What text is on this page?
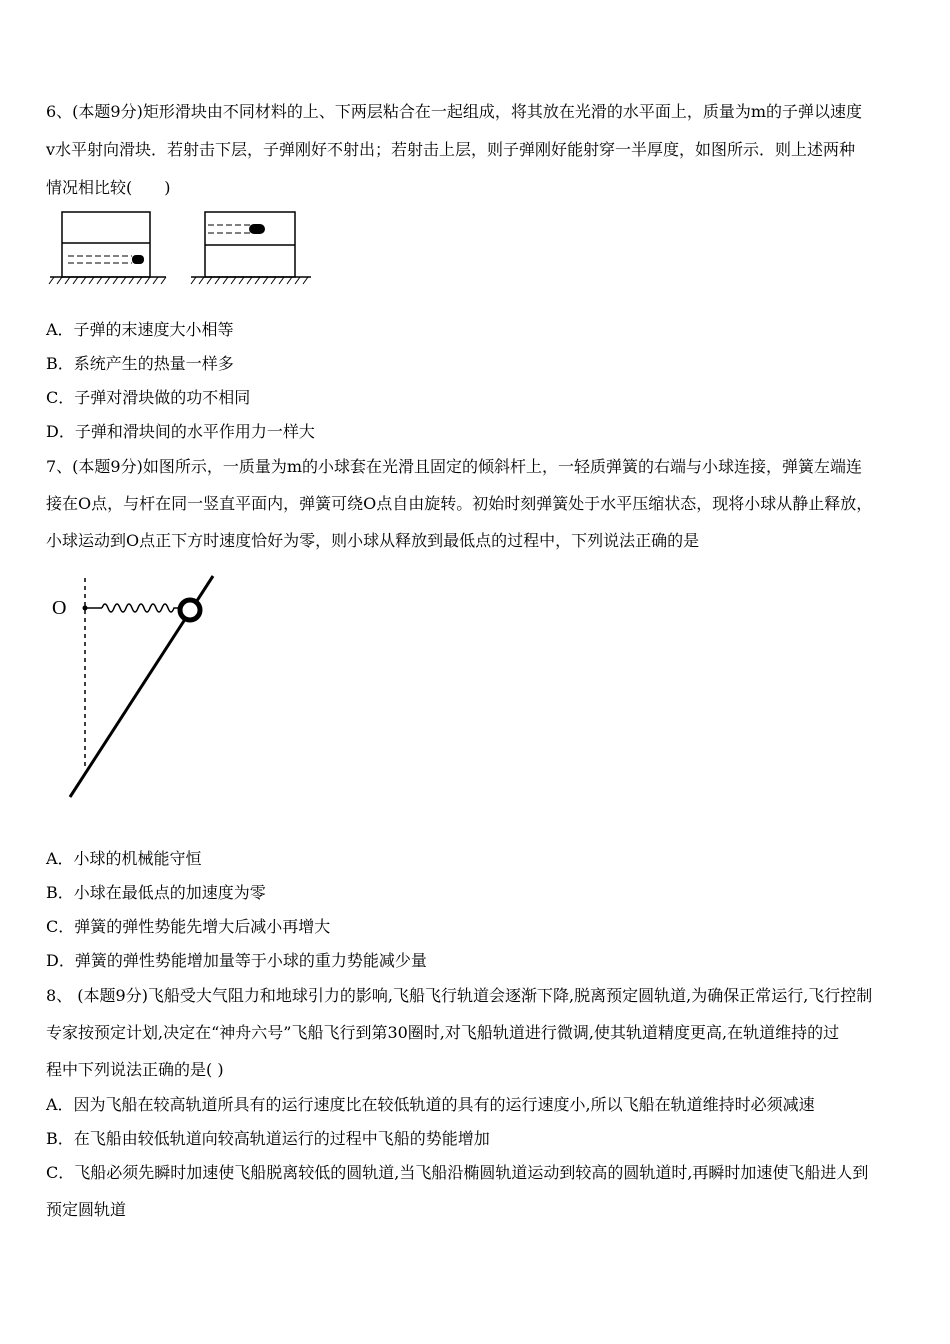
6、(本题9分)矩形滑块由不同材料的上、下两层粘合在一起组成，将其放在光滑的水平面上，质量为m的子弹以速度
v水平射向滑块．若射击下层，子弹刚好不射出；若射击上层，则子弹刚好能射穿一半厚度，如图所示．则上述两种
情况相比较(　　)
A．子弹的末速度大小相等
B．系统产生的热量一样多
C．子弹对滑块做的功不相同
D．子弹和滑块间的水平作用力一样大
7、(本题9分)如图所示，一质量为m的小球套在光滑且固定的倾斜杆上，一轻质弹簧的右端与小球连接，弹簧左端连
接在O点，与杆在同一竖直平面内，弹簧可绕O点自由旋转。初始时刻弹簧处于水平压缩状态，现将小球从静止释放，
小球运动到O点正下方时速度恰好为零，则小球从释放到最低点的过程中，下列说法正确的是
O
A．小球的机械能守恒
B．小球在最低点的加速度为零
C．弹簧的弹性势能先增大后减小再增大
D．弹簧的弹性势能增加量等于小球的重力势能减少量
8、 (本题9分)飞船受大气阻力和地球引力的影响,飞船飞行轨道会逐渐下降,脱离预定圆轨道,为确保正常运行,飞行控制
专家按预定计划,决定在“神舟六号”飞船飞行到第30圈时,对飞船轨道进行微调,使其轨道精度更高,在轨道维持的过
程中下列说法正确的是( )
A．因为飞船在较高轨道所具有的运行速度比在较低轨道的具有的运行速度小,所以飞船在轨道维持时必须减速
B．在飞船由较低轨道向较高轨道运行的过程中飞船的势能增加
C．飞船必须先瞬时加速使飞船脱离较低的圆轨道,当飞船沿椭圆轨道运动到较高的圆轨道时,再瞬时加速使飞船进人到
预定圆轨道
